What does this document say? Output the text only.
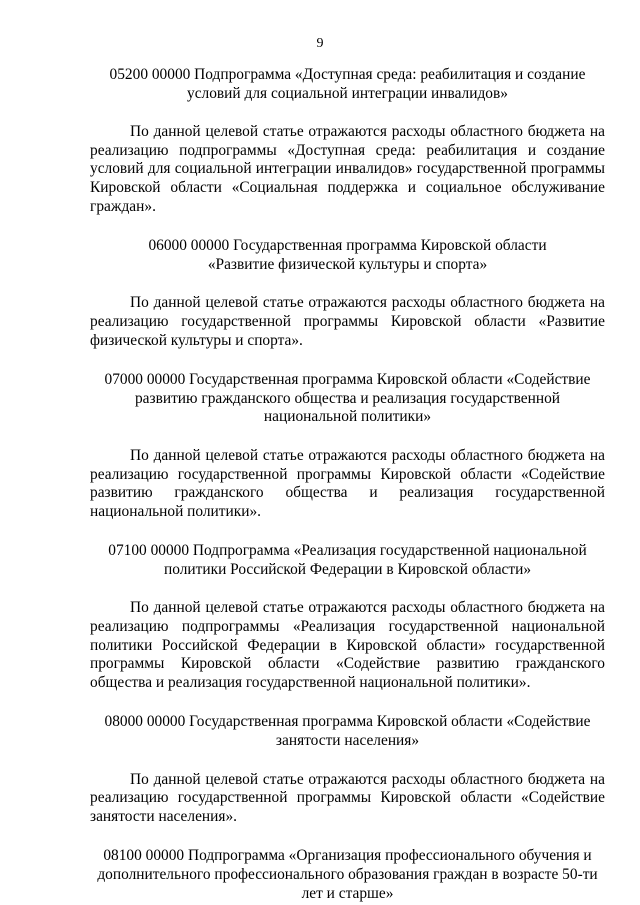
9

05200 00000 Подпрограмма «Доступная среда: реабилитация и создание условий для социальной интеграции инвалидов»

По данной целевой статье отражаются расходы областного бюджета на реализацию подпрограммы «Доступная среда: реабилитация и создание условий для социальной интеграции инвалидов» государственной программы Кировской области «Социальная поддержка и социальное обслуживание граждан».

06000 00000 Государственная программа Кировской области «Развитие физической культуры и спорта»

По данной целевой статье отражаются расходы областного бюджета на реализацию государственной программы Кировской области «Развитие физической культуры и спорта».

07000 00000 Государственная программа Кировской области «Содействие развитию гражданского общества и реализация государственной национальной политики»

По данной целевой статье отражаются расходы областного бюджета на реализацию государственной программы Кировской области «Содействие развитию гражданского общества и реализация государственной национальной политики».

07100 00000 Подпрограмма «Реализация государственной национальной политики Российской Федерации в Кировской области»

По данной целевой статье отражаются расходы областного бюджета на реализацию подпрограммы «Реализация государственной национальной политики Российской Федерации в Кировской области» государственной программы Кировской области «Содействие развитию гражданского общества и реализация государственной национальной политики».

08000 00000 Государственная программа Кировской области «Содействие занятости населения»

По данной целевой статье отражаются расходы областного бюджета на реализацию государственной программы Кировской области «Содействие занятости населения».

08100 00000 Подпрограмма «Организация профессионального обучения и дополнительного профессионального образования граждан в возрасте 50-ти лет и старше»
